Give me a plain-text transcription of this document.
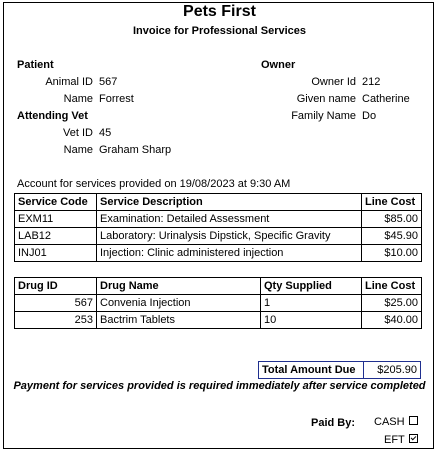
Pets First
Invoice for Professional Services
Patient
Animal ID 567
Name Forrest
Attending Vet
Vet ID 45
Name Graham Sharp
Owner
Owner Id 212
Given name Catherine
Family Name Do
Account for services provided on 19/08/2023 at 9:30 AM
Service Code	Service Description	Line Cost
EXM11	Examination: Detailed Assessment	$85.00
LAB12	Laboratory: Urinalysis Dipstick, Specific Gravity	$45.90
INJ01	Injection: Clinic administered injection	$10.00
Drug ID	Drug Name	Qty Supplied	Line Cost
567	Convenia Injection	1	$25.00
253	Bactrim Tablets	10	$40.00
Total Amount Due	$205.90
Payment for services provided is required immediately after service completed
Paid By: CASH
EFT
